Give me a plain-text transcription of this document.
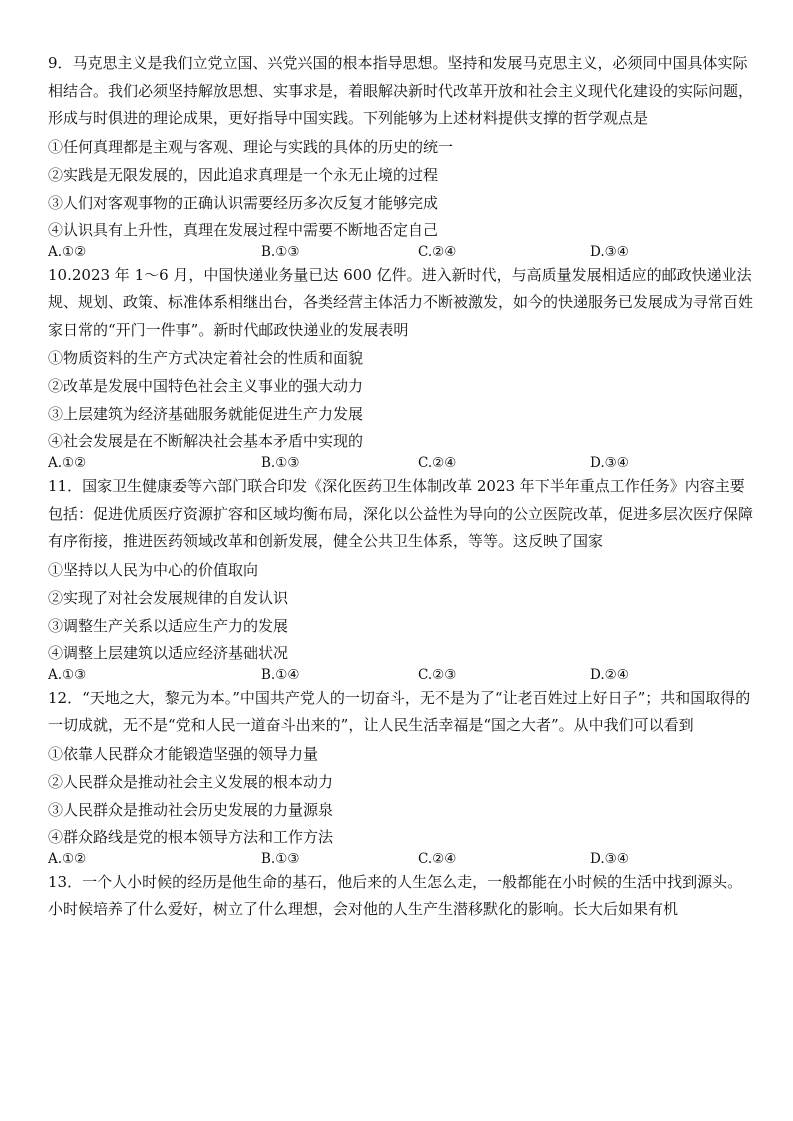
9．马克思主义是我们立党立国、兴党兴国的根本指导思想。坚持和发展马克思主义，必须同中国具体实际相结合。我们必须坚持解放思想、实事求是，着眼解决新时代改革开放和社会主义现代化建设的实际问题，形成与时俱进的理论成果，更好指导中国实践。下列能够为上述材料提供支撑的哲学观点是

①任何真理都是主观与客观、理论与实践的具体的历史的统一

②实践是无限发展的，因此追求真理是一个永无止境的过程

③人们对客观事物的正确认识需要经历多次反复才能够完成

④认识具有上升性，真理在发展过程中需要不断地否定自己

A.①②	B.①③	C.②④	D.③④

10.2023 年 1～6 月，中国快递业务量已达 600 亿件。进入新时代，与高质量发展相适应的邮政快递业法规、规划、政策、标准体系相继出台，各类经营主体活力不断被激发，如今的快递服务已发展成为寻常百姓家日常的“开门一件事”。新时代邮政快递业的发展表明

①物质资料的生产方式决定着社会的性质和面貌

②改革是发展中国特色社会主义事业的强大动力

③上层建筑为经济基础服务就能促进生产力发展

④社会发展是在不断解决社会基本矛盾中实现的

A.①②	B.①③	C.②④	D.③④

11．国家卫生健康委等六部门联合印发《深化医药卫生体制改革 2023 年下半年重点工作任务》内容主要包括：促进优质医疗资源扩容和区域均衡布局，深化以公益性为导向的公立医院改革，促进多层次医疗保障有序衔接，推进医药领域改革和创新发展，健全公共卫生体系，等等。这反映了国家

①坚持以人民为中心的价值取向

②实现了对社会发展规律的自发认识

③调整生产关系以适应生产力的发展

④调整上层建筑以适应经济基础状况

A.①③	B.①④	C.②③	D.②④

12．“天地之大，黎元为本。”中国共产党人的一切奋斗，无不是为了“让老百姓过上好日子”；共和国取得的一切成就，无不是“党和人民一道奋斗出来的”，让人民生活幸福是“国之大者”。从中我们可以看到

①依靠人民群众才能锻造坚强的领导力量

②人民群众是推动社会主义发展的根本动力

③人民群众是推动社会历史发展的力量源泉

④群众路线是党的根本领导方法和工作方法

A.①②	B.①③	C.②④	D.③④

13．一个人小时候的经历是他生命的基石，他后来的人生怎么走，一般都能在小时候的生活中找到源头。小时候培养了什么爱好，树立了什么理想，会对他的人生产生潜移默化的影响。长大后如果有机
